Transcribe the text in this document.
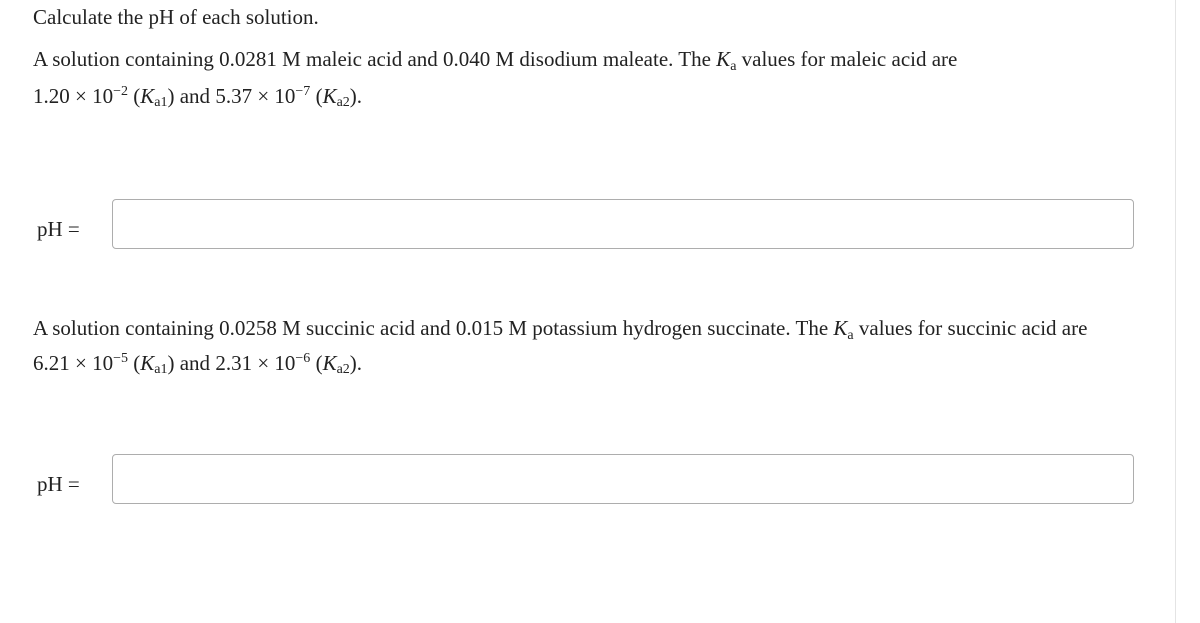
Calculate the pH of each solution.
A solution containing 0.0281 M maleic acid and 0.040 M disodium maleate. The Ka values for maleic acid are
$1.20 \times 10^{-2}$ $(K_{a1})$ and $5.37 \times 10^{-7}$ $(K_{a2})$.
pH =
A solution containing 0.0258 M succinic acid and 0.015 M potassium hydrogen succinate. The Ka values for succinic acid are
$6.21 \times 10^{-5}$ $(K_{a1})$ and $2.31 \times 10^{-6}$ $(K_{a2})$.
pH =
